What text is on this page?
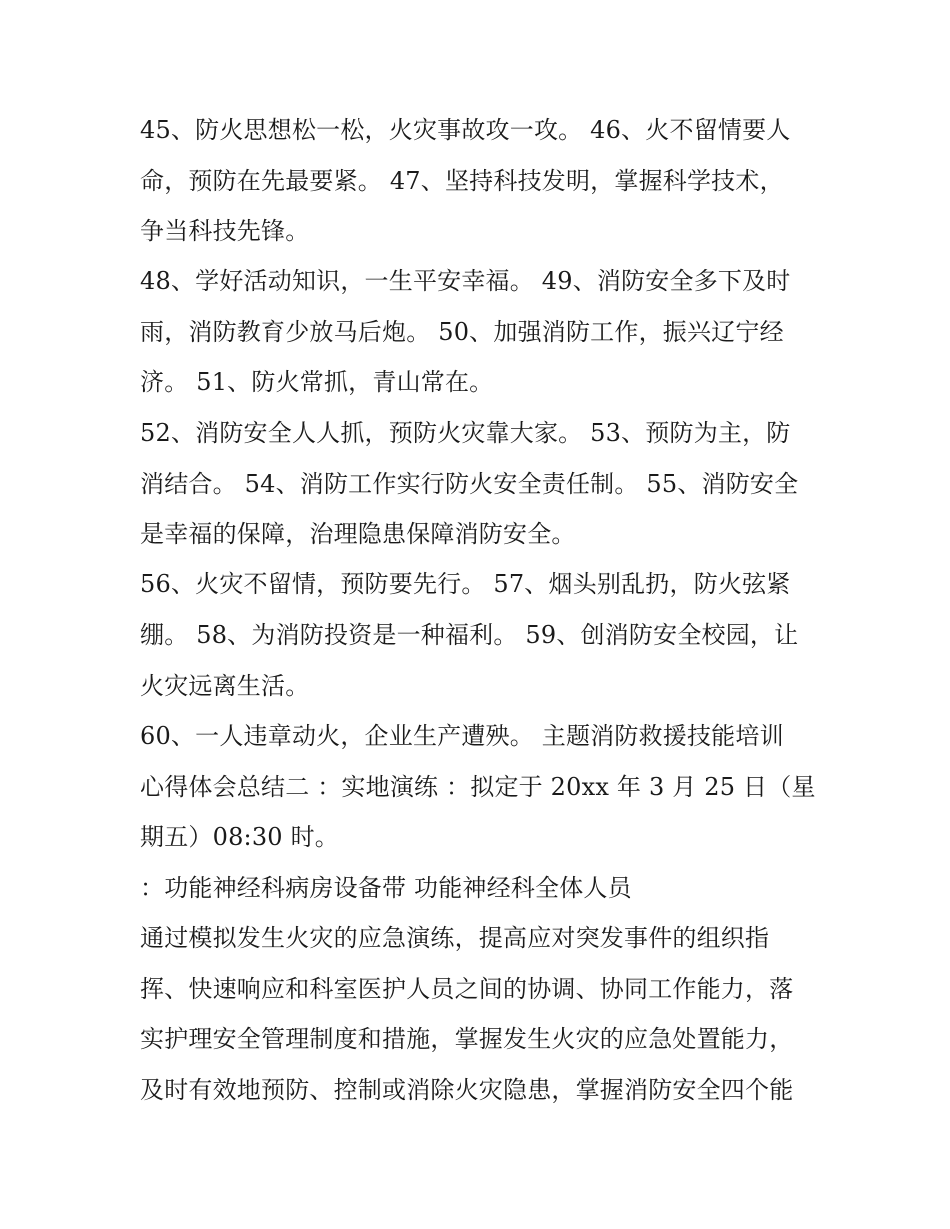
45、防火思想松一松，火灾事故攻一攻。 46、火不留情要人
命，预防在先最要紧。 47、坚持科技发明，掌握科学技术，
争当科技先锋。
48、学好活动知识，一生平安幸福。 49、消防安全多下及时
雨，消防教育少放马后炮。 50、加强消防工作，振兴辽宁经
济。 51、防火常抓，青山常在。
52、消防安全人人抓，预防火灾靠大家。 53、预防为主，防
消结合。 54、消防工作实行防火安全责任制。 55、消防安全
是幸福的保障，治理隐患保障消防安全。
56、火灾不留情，预防要先行。 57、烟头别乱扔，防火弦紧
绷。 58、为消防投资是一种福利。 59、创消防安全校园，让
火灾远离生活。
60、一人违章动火，企业生产遭殃。 主题消防救援技能培训
心得体会总结二 ：实地演练 ：拟定于 20xx 年 3 月 25 日（星
期五）08:30 时。
：功能神经科病房设备带 功能神经科全体人员
通过模拟发生火灾的应急演练，提高应对突发事件的组织指
挥、快速响应和科室医护人员之间的协调、协同工作能力，落
实护理安全管理制度和措施，掌握发生火灾的应急处置能力，
及时有效地预防、控制或消除火灾隐患，掌握消防安全四个能
